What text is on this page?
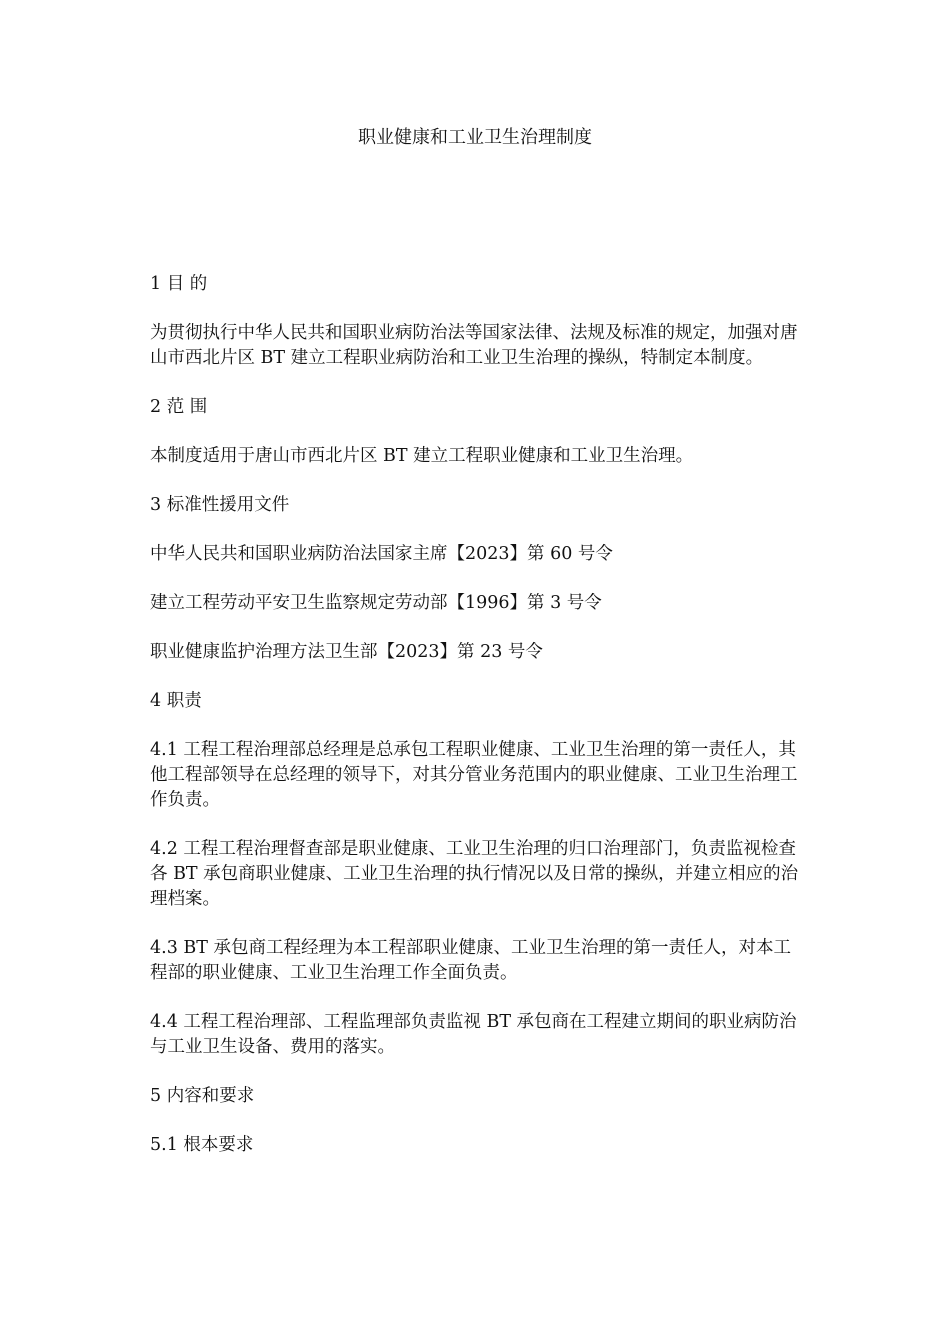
职业健康和工业卫生治理制度

1 目 的

为贯彻执行中华人民共和国职业病防治法等国家法律、法规及标准的规定，加强对唐山市西北片区 BT 建立工程职业病防治和工业卫生治理的操纵，特制定本制度。

2 范 围

本制度适用于唐山市西北片区 BT 建立工程职业健康和工业卫生治理。

3 标准性援用文件

中华人民共和国职业病防治法国家主席【2023】第 60 号令

建立工程劳动平安卫生监察规定劳动部【1996】第 3 号令

职业健康监护治理方法卫生部【2023】第 23 号令

4 职责

4.1 工程工程治理部总经理是总承包工程职业健康、工业卫生治理的第一责任人，其他工程部领导在总经理的领导下，对其分管业务范围内的职业健康、工业卫生治理工作负责。

4.2 工程工程治理督查部是职业健康、工业卫生治理的归口治理部门，负责监视检查各 BT 承包商职业健康、工业卫生治理的执行情况以及日常的操纵，并建立相应的治理档案。

4.3 BT 承包商工程经理为本工程部职业健康、工业卫生治理的第一责任人，对本工程部的职业健康、工业卫生治理工作全面负责。

4.4 工程工程治理部、工程监理部负责监视 BT 承包商在工程建立期间的职业病防治与工业卫生设备、费用的落实。

5 内容和要求

5.1 根本要求
